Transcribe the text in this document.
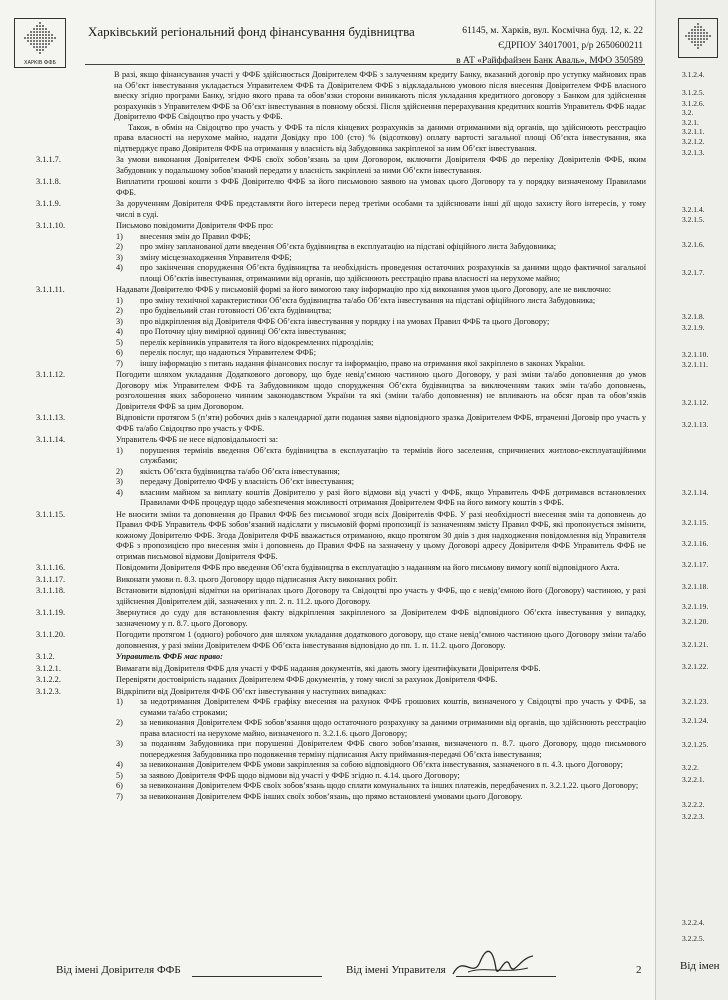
ХАРКІВ ФФБ
Харківський регіональний фонд фінансування будівництва	61145, м. Харків, вул. Космічна буд. 12, к. 22
ЄДРПОУ 34017001, р/р 2650600211
в АТ «Райффайзен Банк Аваль», МФО 350589
В разі, якщо фінансування участі у ФФБ здійснюється Довірителем ФФБ з залученням кредиту Банку, вказаний договір про уступку майнових прав на Об’єкт інвестування укладається Управителем ФФБ та Довірителем ФФБ з відкладальною умовою після внесення Довірителем ФФБ власного внеску згідно програми Банку, згідно якого права та обов’язки сторони виникають після укладання кредитного договору з Банком для здійснення розрахунків з Управителем ФФБ за Об’єкт інвестування в повному обсязі. Після здійснення перерахування кредитних коштів Управитель ФФБ надає Довірителю ФФБ Свідоцтво про участь у ФФБ.
Також, в обмін на Свідоцтво про участь у ФФБ та після кінцевих розрахунків за даними отриманими від органів, що здійснюють реєстрацію права власності на нерухоме майно, надати Довідку про 100 (сто) % (відсоткову) оплату вартості загальної площі Об’єкта інвестування, яка підтверджує право Довірителя ФФБ на отримання у власність від Забудовника закріпленої за ним Об’єкт інвестування.
3.1.1.7.	За умови виконання Довірителем ФФБ своїх зобов’язань за цим Договором, включити Довірителя ФФБ до переліку Довірителів ФФБ, яким Забудовник у подальшому зобов’язаний передати у власність закріплені за ними Об’єкти інвестування.
3.1.1.8.	Виплатити грошові кошти з ФФБ Довірителю ФФБ за його письмовою заявою на умовах цього Договору та у порядку визначеному Правилами ФФБ.
3.1.1.9.	За дорученням Довірителя ФФБ представляти його інтереси перед третіми особами та здійснювати інші дії щодо захисту його інтересів, у тому числі в суді.
3.1.1.10.	Письмово повідомити Довірителя ФФБ про:
1)	внесення змін до Правил ФФБ;
2)	про зміну запланованої дати введення Об’єкта будівництва в експлуатацію на підставі офіційного листа Забудовника;
3)	зміну місцезнаходження Управителя ФФБ;
4)	про закінчення спорудження Об’єкта будівництва та необхідність проведення остаточних розрахунків за даними щодо фактичної загальної площі Об’єктів інвестування, отриманими від органів, що здійснюють реєстрацію права власності на нерухоме майно;
3.1.1.11.	Надавати Довірителю ФФБ у письмовій формі за його вимогою таку інформацію про хід виконання умов цього Договору, але не виключно:
1)	про зміну технічної характеристики Об’єкта будівництва та/або Об’єкта інвестування на підставі офіційного листа Забудовника;
2)	про будівельний стан готовності Об’єкта будівництва;
3)	про відкріплення від Довірителя ФФБ Об’єкта інвестування у порядку і на умовах Правил ФФБ та цього Договору;
4)	про Поточну ціну вимірної одиниці Об’єкта інвестування;
5)	перелік керівників управителя та його відокремлених підрозділів;
6)	перелік послуг, що надаються Управителем ФФБ;
7)	іншу інформацію з питань надання фінансових послуг та інформацію, право на отримання якої закріплено в законах України.
3.1.1.12.	Погодити шляхом укладання Додаткового договору, що буде невід’ємною частиною цього Договору, у разі зміни та/або доповнення до умов Договору між Управителем ФФБ та Забудовником щодо спорудження Об’єкта будівництва за виключенням таких змін та/або доповнень, розголошення яких заборонено чинним законодавством України та які (зміни та/або доповнення) не впливають на обсяг прав та обов’язків Довірителя ФФБ за цим Договором.
3.1.1.13.	Відповісти протягом 5 (п’яти) робочих днів з календарної дати подання заяви відповідного зразка Довірителем ФФБ, втраченні Договір про участь у ФФБ та/або Свідоцтво про участь у ФФБ.
3.1.1.14.	Управитель ФФБ не несе відповідальності за:
1)	порушення термінів введення Об’єкта будівництва в експлуатацію та термінів його заселення, спричинених житлово-експлуатаційними службами;
2)	якість Об’єкта будівництва та/або Об’єкта інвестування;
3)	передачу Довірителю ФФБ у власність Об’єкт інвестування;
4)	власним майном за виплату коштів Довірителю у разі його відмови від участі у ФФБ, якщо Управитель ФФБ дотримався встановлених Правилами ФФБ процедур щодо забезпечення можливості отримання Довірителем ФФБ на його вимогу коштів з ФФБ.
3.1.1.15.	Не вносити зміни та доповнення до Правил ФФБ без письмової згоди всіх Довірителів ФФБ. У разі необхідності внесення змін та доповнень до Правил ФФБ Управитель ФФБ зобов’язаний надіслати у письмовій формі пропозиції із зазначенням змісту Правил ФФБ, які пропонується змінити, кожному Довірителю ФФБ. Згода Довірителя ФФБ вважається отриманою, якщо протягом 30 днів з дня надходження повідомлення від Управителя ФФБ з пропозицією про внесення змін і доповнень до Правил ФФБ на зазначену у цьому Договорі адресу Довірителя ФФБ Управитель ФФБ не отримав письмової відмови Довірителя ФФБ.
3.1.1.16.	Повідомити Довірителя ФФБ про введення Об’єкта будівництва в експлуатацію з наданням на його письмову вимогу копії відповідного Акта.
3.1.1.17.	Виконати умови п. 8.3. цього Договору щодо підписання Акту виконаних робіт.
3.1.1.18.	Встановити відповідні відмітки на оригіналах цього Договору та Свідоцтві про участь у ФФБ, що є невід’ємною його (Договору) частиною, у разі здійснення Довірителем дій, зазначених у пп. 2. п. 11.2. цього Договору.
3.1.1.19.	Звернутися до суду для встановлення факту відкріплення закріпленого за Довірителем ФФБ відповідного Об’єкта інвестування у випадку, зазначеному у п. 8.7. цього Договору.
3.1.1.20.	Погодити протягом 1 (одного) робочого дня шляхом укладання додаткового договору, що стане невід’ємною частиною цього Договору зміни та/або доповнення, у разі зміни Довірителем ФФБ Об’єкта інвестування відповідно до пп. 1. п. 11.2. цього Договору.
3.1.2.	Управитель ФФБ має право:
3.1.2.1.	Вимагати від Довірителя ФФБ для участі у ФФБ надання документів, які дають змогу ідентифікувати Довірителя ФФБ.
3.1.2.2.	Перевіряти достовірність наданих Довірителем ФФБ документів, у тому числі за рахунок Довірителя ФФБ.
3.1.2.3.	Відкріпити від Довірителя ФФБ Об’єкт інвестування у наступних випадках:
1)	за недотримання Довірителем ФФБ графіку внесення на рахунок ФФБ грошових коштів, визначеного у Свідоцтві про участь у ФФБ, за сумами та/або строками;
2)	за невиконання Довірителем ФФБ зобов’язання щодо остаточного розрахунку за даними отриманими від органів, що здійснюють реєстрацію права власності на нерухоме майно, визначеного п. 3.2.1.6. цього Договору;
3)	за поданням Забудовника при порушенні Довірителем ФФБ свого зобов’язання, визначеного п. 8.7. цього Договору, щодо письмового попередження Забудовника про подовження терміну підписання Акту приймання-передачі Об’єкта інвестування;
4)	за невиконання Довірителем ФФБ умови закріплення за собою відповідного Об’єкта інвестування, зазначеного в п. 4.3. цього Договору;
5)	за заявою Довірителя ФФБ щодо відмови від участі у ФФБ згідно п. 4.14. цього Договору;
6)	за невиконання Довірителем ФФБ своїх зобов’язань щодо сплати комунальних та інших платежів, передбачених п. 3.2.1.22. цього Договору;
7)	за невиконання Довірителем ФФБ інших своїх зобов’язань, що прямо встановлені умовами цього Договору.
Від імені Довірителя ФФБ	Від імені Управителя	2
3.1.2.4.
3.1.2.5.
3.1.2.6.
3.2.
3.2.1.
3.2.1.1.
3.2.1.2.
3.2.1.3.
3.2.1.4.
3.2.1.5.
3.2.1.6.
3.2.1.7.
3.2.1.8.
3.2.1.9.
3.2.1.10.
3.2.1.11.
3.2.1.12.
3.2.1.13.
3.2.1.14.
3.2.1.15.
3.2.1.16.
3.2.1.17.
3.2.1.18.
3.2.1.19.
3.2.1.20.
3.2.1.21.
3.2.1.22.
3.2.1.23.
3.2.1.24.
3.2.1.25.
3.2.2.
3.2.2.1.
3.2.2.2.
3.2.2.3.
3.2.2.4.
3.2.2.5.
Від імен
